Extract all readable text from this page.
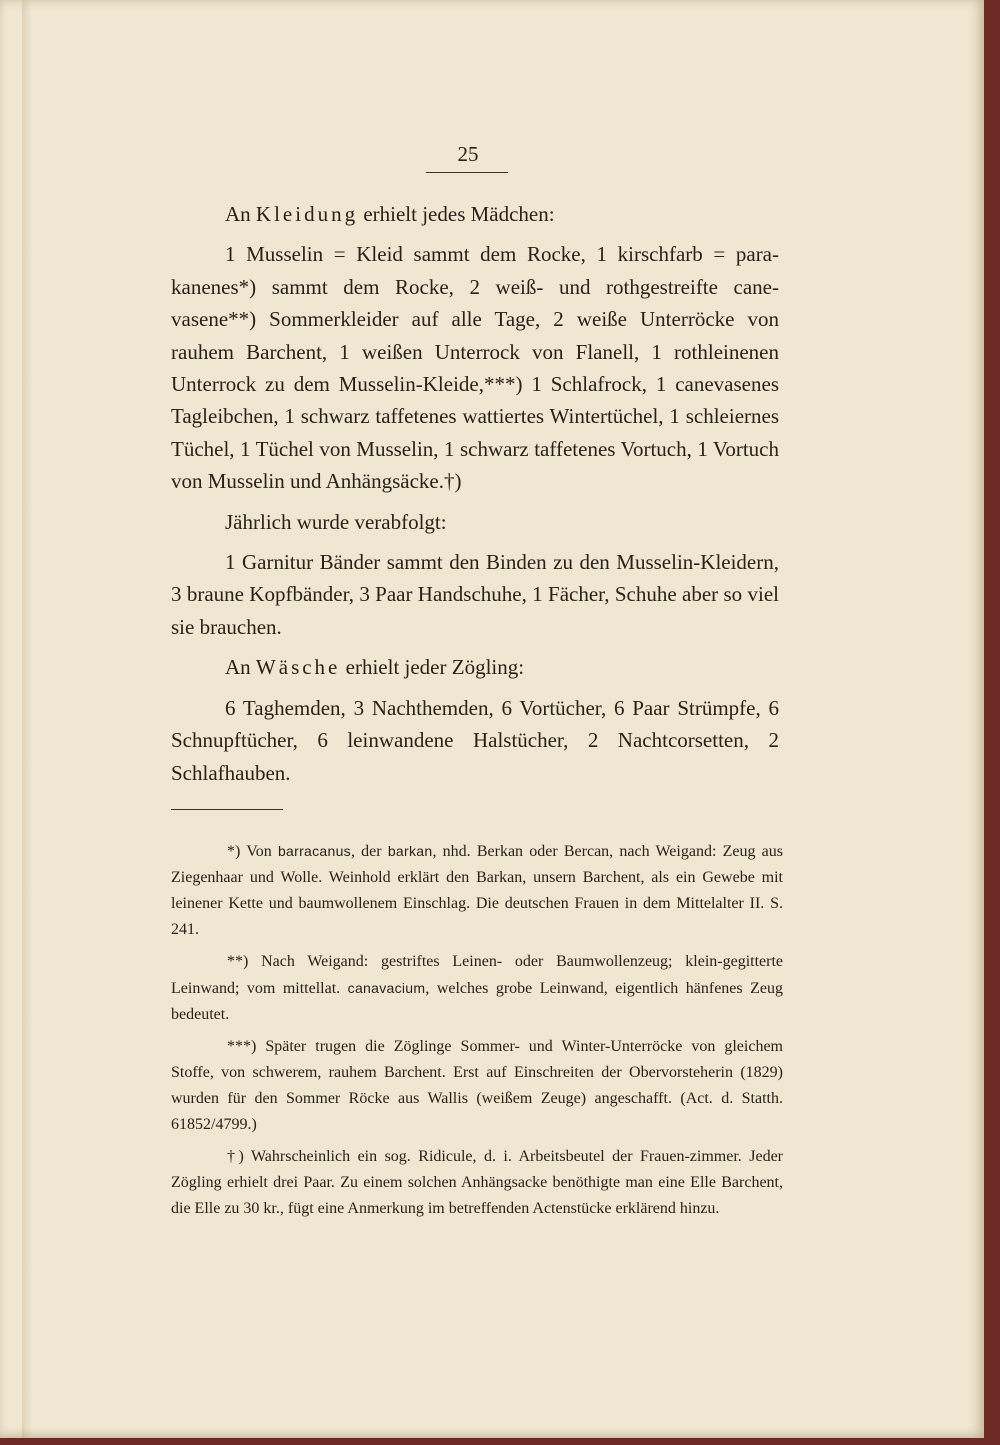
25

An Kleidung erhielt jedes Mädchen:

1 Musselin = Kleid sammt dem Rocke, 1 kirschfarb = para-kanenes*) sammt dem Rocke, 2 weiß- und rothgestreifte cane-vasene**) Sommerkleider auf alle Tage, 2 weiße Unterröcke von rauhem Barchent, 1 weißen Unterrock von Flanell, 1 rothleinenen Unterrock zu dem Musselin-Kleide,***) 1 Schlafrock, 1 canevasenes Tagleibchen, 1 schwarz taffetenes wattiertes Wintertüchel, 1 schleiernes Tüchel, 1 Tüchel von Musselin, 1 schwarz taffetenes Vortuch, 1 Vortuch von Musselin und Anhängsäcke.†)

Jährlich wurde verabfolgt:

1 Garnitur Bänder sammt den Binden zu den Musselin-Kleidern, 3 braune Kopfbänder, 3 Paar Handschuhe, 1 Fächer, Schuhe aber so viel sie brauchen.

An Wäsche erhielt jeder Zögling:

6 Taghemden, 3 Nachthemden, 6 Vortücher, 6 Paar Strümpfe, 6 Schnupftücher, 6 leinwandene Halstücher, 2 Nachtcorsetten, 2 Schlafhauben.

*) Von barracanus, der barkan, nhd. Berkan oder Bercan, nach Weigand: Zeug aus Ziegenhaar und Wolle. Weinhold erklärt den Barkan, unsern Barchent, als ein Gewebe mit leinener Kette und baumwollenem Einschlag. Die deutschen Frauen in dem Mittelalter II. S. 241.

**) Nach Weigand: gestriftes Leinen- oder Baumwollenzeug; klein-gegitterte Leinwand; vom mittellat. canavacium, welches grobe Leinwand, eigentlich hänfenes Zeug bedeutet.

***) Später trugen die Zöglinge Sommer- und Winter-Unterröcke von gleichem Stoffe, von schwerem, rauhem Barchent. Erst auf Einschreiten der Obervorsteherin (1829) wurden für den Sommer Röcke aus Wallis (weißem Zeuge) angeschafft. (Act. d. Statth. 61852/4799.)

†) Wahrscheinlich ein sog. Ridicule, d. i. Arbeitsbeutel der Frauen-zimmer. Jeder Zögling erhielt drei Paar. Zu einem solchen Anhängsacke benöthigte man eine Elle Barchent, die Elle zu 30 kr., fügt eine Anmerkung im betreffenden Actenstücke erklärend hinzu.
